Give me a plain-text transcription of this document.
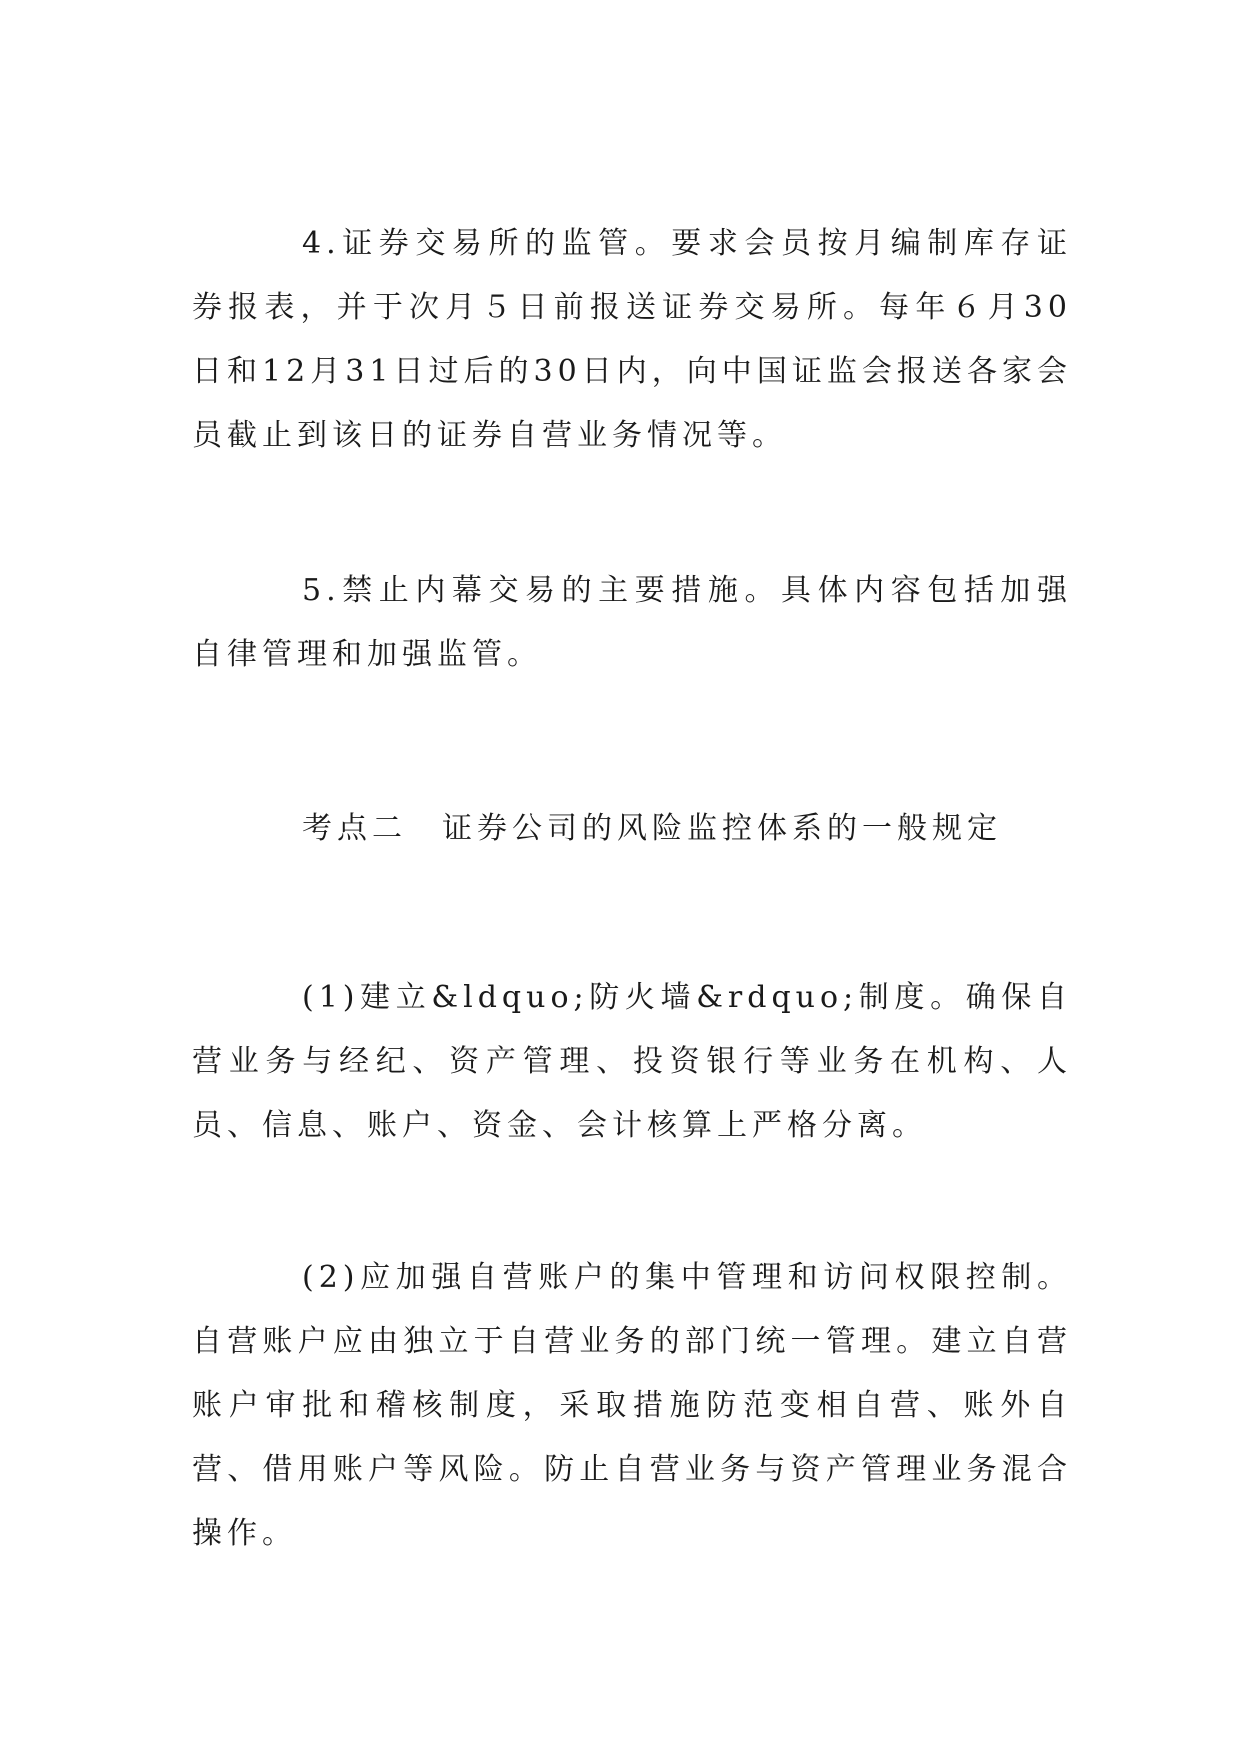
4.证券交易所的监管。要求会员按月编制库存证券报表，并于次月５日前报送证券交易所。每年６月30日和12月31日过后的30日内，向中国证监会报送各家会员截止到该日的证券自营业务情况等。

5.禁止内幕交易的主要措施。具体内容包括加强自律管理和加强监管。

考点二　证券公司的风险监控体系的一般规定

(1)建立&ldquo;防火墙&rdquo;制度。确保自营业务与经纪、资产管理、投资银行等业务在机构、人员、信息、账户、资金、会计核算上严格分离。

(2)应加强自营账户的集中管理和访问权限控制。自营账户应由独立于自营业务的部门统一管理。建立自营账户审批和稽核制度，采取措施防范变相自营、账外自营、借用账户等风险。防止自营业务与资产管理业务混合操作。
